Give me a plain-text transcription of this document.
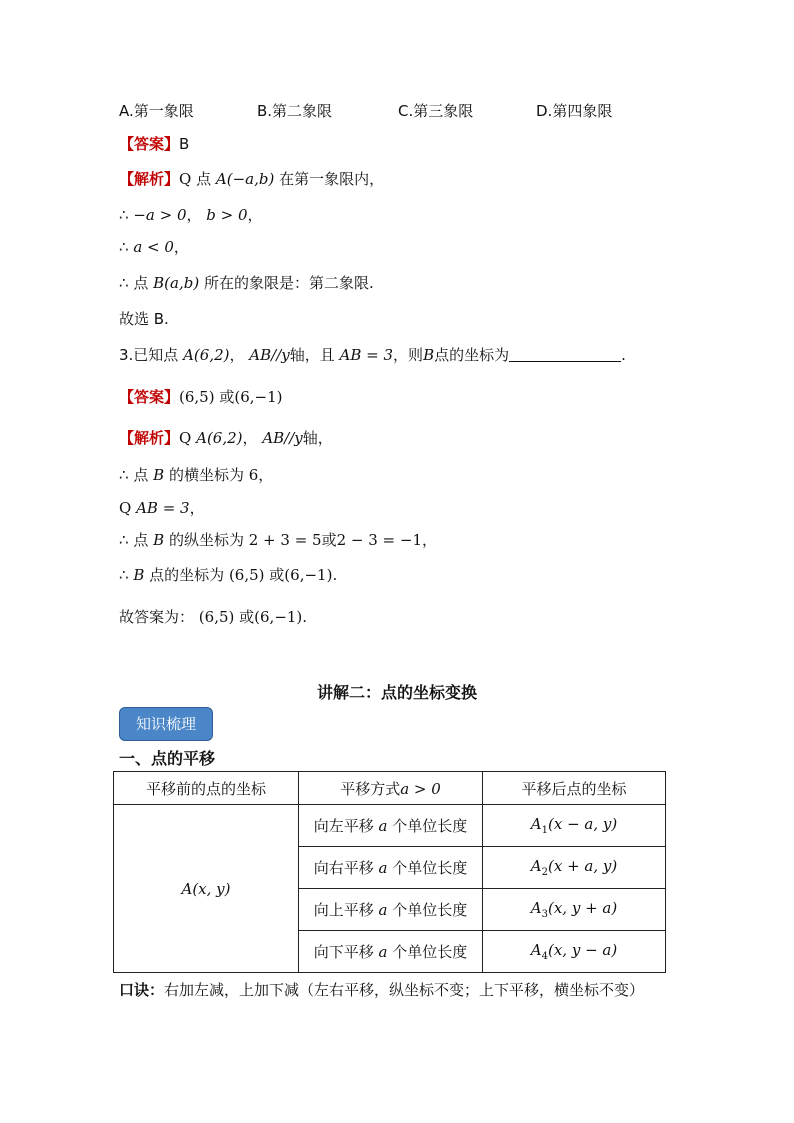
A.第一象限	B.第二象限	C.第三象限	D.第四象限
【答案】B
【解析】Q 点 A(−a,b) 在第一象限内，
∴ −a > 0， b > 0，
∴ a < 0，
∴ 点 B(a,b) 所在的象限是：第二象限.
故选 B.
3.已知点 A(6,2)， AB//y轴，且 AB = 3，则B点的坐标为	.
【答案】(6,5) 或(6,−1)
【解析】Q A(6,2)， AB//y轴，
∴ 点 B 的横坐标为 6，
Q AB = 3，
∴ 点 B 的纵坐标为 2 + 3 = 5或2 − 3 = −1，
∴ B 点的坐标为 (6,5) 或(6,−1).
故答案为： (6,5) 或(6,−1).
讲解二：点的坐标变换
知识梳理
一、点的平移
平移前的点的坐标	平移方式a > 0	平移后点的坐标
A(x, y)	向左平移 a 个单位长度	$A_1(x - a$, y)
	向右平移 a 个单位长度	$A_2(x + a$, y)
	向上平移 a 个单位长度	$A_3(x$, y + a)
	向下平移 a 个单位长度	$A_4(x$, y − a)
口诀：右加左减，上加下减（左右平移，纵坐标不变；上下平移，横坐标不变）
